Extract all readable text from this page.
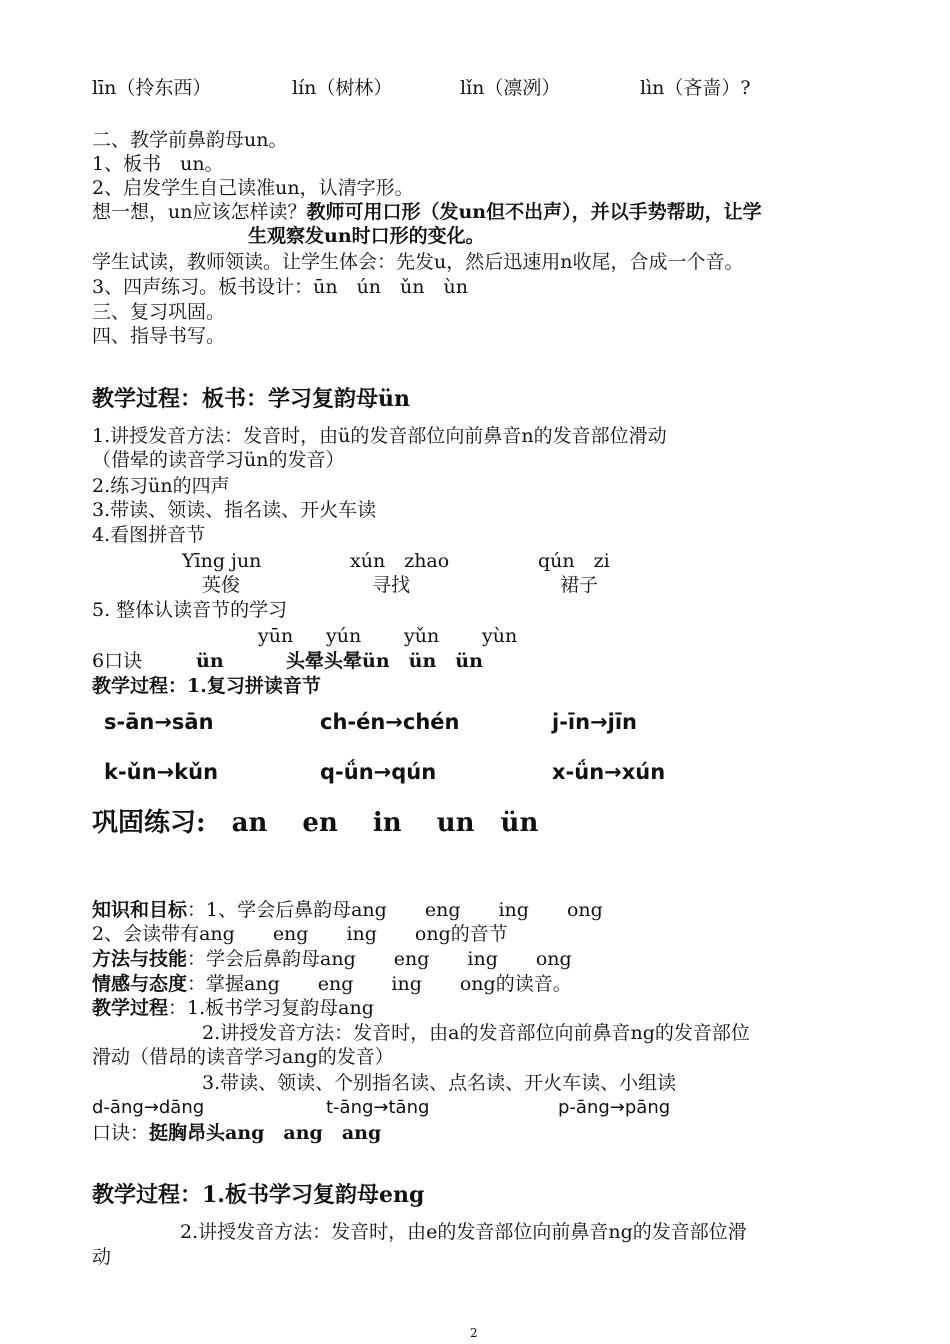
līn（拎东西）	lín（树林）	lǐn（凛冽）	lìn（吝啬）?
二、教学前鼻韵母un。
1、板书　un。
2、启发学生自己读准un，认清字形。
想一想，un应该怎样读？教师可用口形（发un但不出声），并以手势帮助，让学
生观察发un时口形的变化。
学生试读，教师领读。让学生体会：先发u，然后迅速用n收尾，合成一个音。
3、四声练习。板书设计：ūn　ún　ǔn　ùn
三、复习巩固。
四、指导书写。
教学过程：板书：学习复韵母ün
1.讲授发音方法：发音时，由ü的发音部位向前鼻音n的发音部位滑动
（借晕的读音学习ün的发音）
2.练习ün的四声
3.带读、领读、指名读、开火车读
4.看图拼音节
Yīng jun	xún　zhao	qún　zi
英俊	寻找	裙子
5. 整体认读音节的学习
yūn yún yǔn yùn
6口诀	ün	头晕头晕ün　ün　ün
教学过程：1.复习拼读音节
s-ān→sān	ch-én→chén	j-īn→jīn
k-ǔn→kǔn	q-ǘn→qún	x-ǘn→xún
巩固练习:　an　 en　 in　 un　ün
知识和目标：1、学会后鼻韵母ang　　eng　　ing　　ong
2、会读带有ang　　eng　　ing　　ong的音节
方法与技能：学会后鼻韵母ang　　eng　　ing　　ong
情感与态度：掌握ang　　eng　　ing　　ong的读音。
教学过程：1.板书学习复韵母ang
2.讲授发音方法：发音时，由a的发音部位向前鼻音ng的发音部位
滑动（借昂的读音学习ang的发音）
3.带读、领读、个别指名读、点名读、开火车读、小组读
d-āng→dāng	t-āng→tāng	p-āng→pāng
口诀：挺胸昂头ang　ang　ang
教学过程：1.板书学习复韵母eng
2.讲授发音方法：发音时，由e的发音部位向前鼻音ng的发音部位滑
动
2
